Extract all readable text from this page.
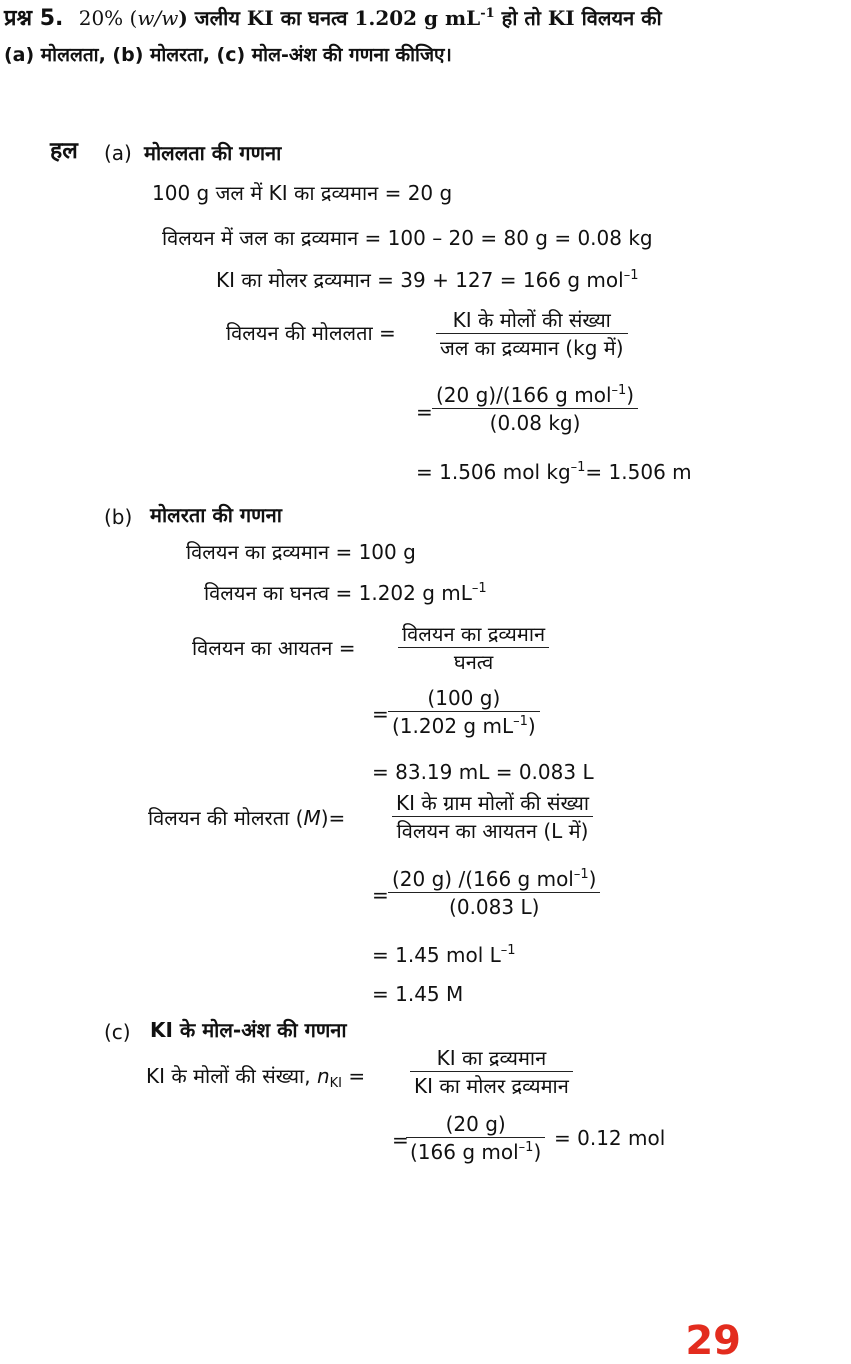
प्रश्न 5. 20% (w/w) जलीय KI का घनत्व 1.202 g $mL^{-1}$ हो तो KI विलयन की
(a) मोललता, (b) मोलरता, (c) मोल-अंश की गणना कीजिए।
हल (a) मोललता की गणना
100 g जल में KI का द्रव्यमान = 20 g
विलयन में जल का द्रव्यमान = 100 – 20 = 80 g = 0.08 kg
KI का मोलर द्रव्यमान = 39 + 127 = 166 g mol$^{-1}$
विलयन की मोललता =
KI के मोलों की संख्या
जल का द्रव्यमान (kg में)
=
(20 g)/(166 g mol$^{-1}$)
(0.08 kg)
= 1.506 mol $kg^{-1}= 1.506$ m
(b) मोलरता की गणना
विलयन का द्रव्यमान = 100 g
विलयन का घनत्व = 1.202 g $mL^{-1}$
विलयन का आयतन =
विलयन का द्रव्यमान
घनत्व
= $\frac{(100 g)}{(1.202 g mL^{-1})}$
= 83.19 mL = 0.083 L
विलयन की मोलरता (M)=
KI के ग्राम मोलों की संख्या
विलयन का आयतन (L में)
=
(20 g) /(166 g mol$^{-1}$)
(0.083 L)
= 1.45 mol $L^{-1}$
= 1.45 M
(c) KI के मोल-अंश की गणना
KI के मोलों की संख्या, $n_{KI}$ =
KI का द्रव्यमान
KI का मोलर द्रव्यमान
=
(20 g)
(166 g mol$^{-1}$)
= 0.12 mol
29
